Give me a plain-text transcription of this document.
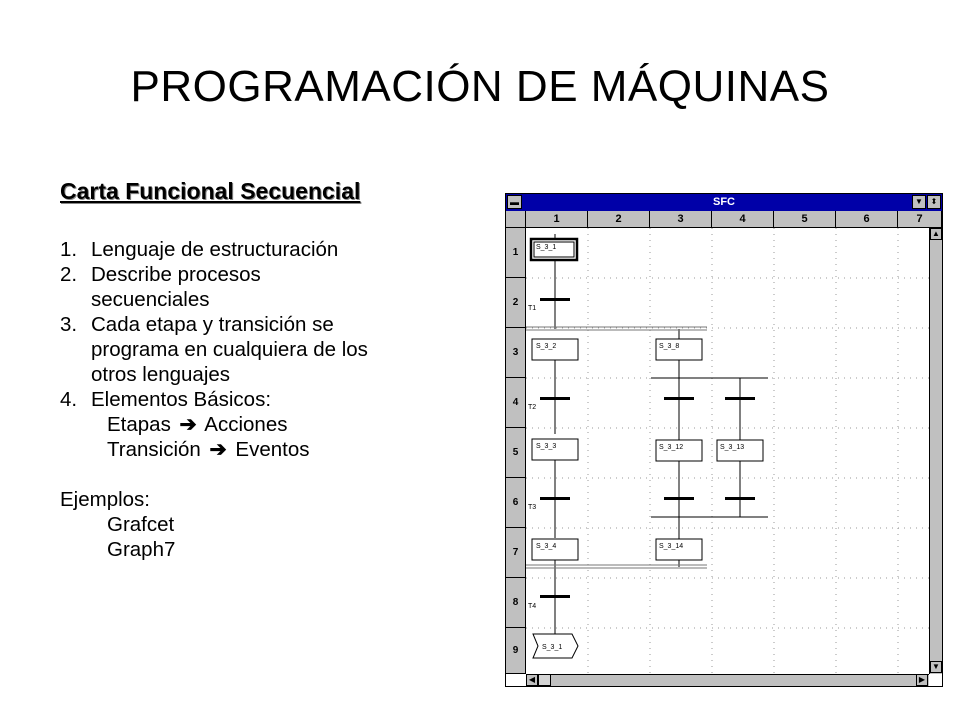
PROGRAMACIÓN DE MÁQUINAS
Carta Funcional Secuencial
1. Lenguaje de estructuración
2. Describe procesos
secuenciales
3. Cada etapa y transición se
programa en cualquiera de los
otros lenguajes
4. Elementos Básicos:
Etapas ➔ Acciones
Transición ➔ Eventos
Ejemplos:
Grafcet
Graph7
▬	SFC	▼ ⬍
1	2	3	4	5	6	7
1
2
3
4
5
6
7
8
9
T1
T2
T3
T4
S_3_1
S_3_2
S_3_3
S_3_4
S_3_8
S_3_12	S_3_13
S_3_14
S_3_1
▲
▼
◀	▶
